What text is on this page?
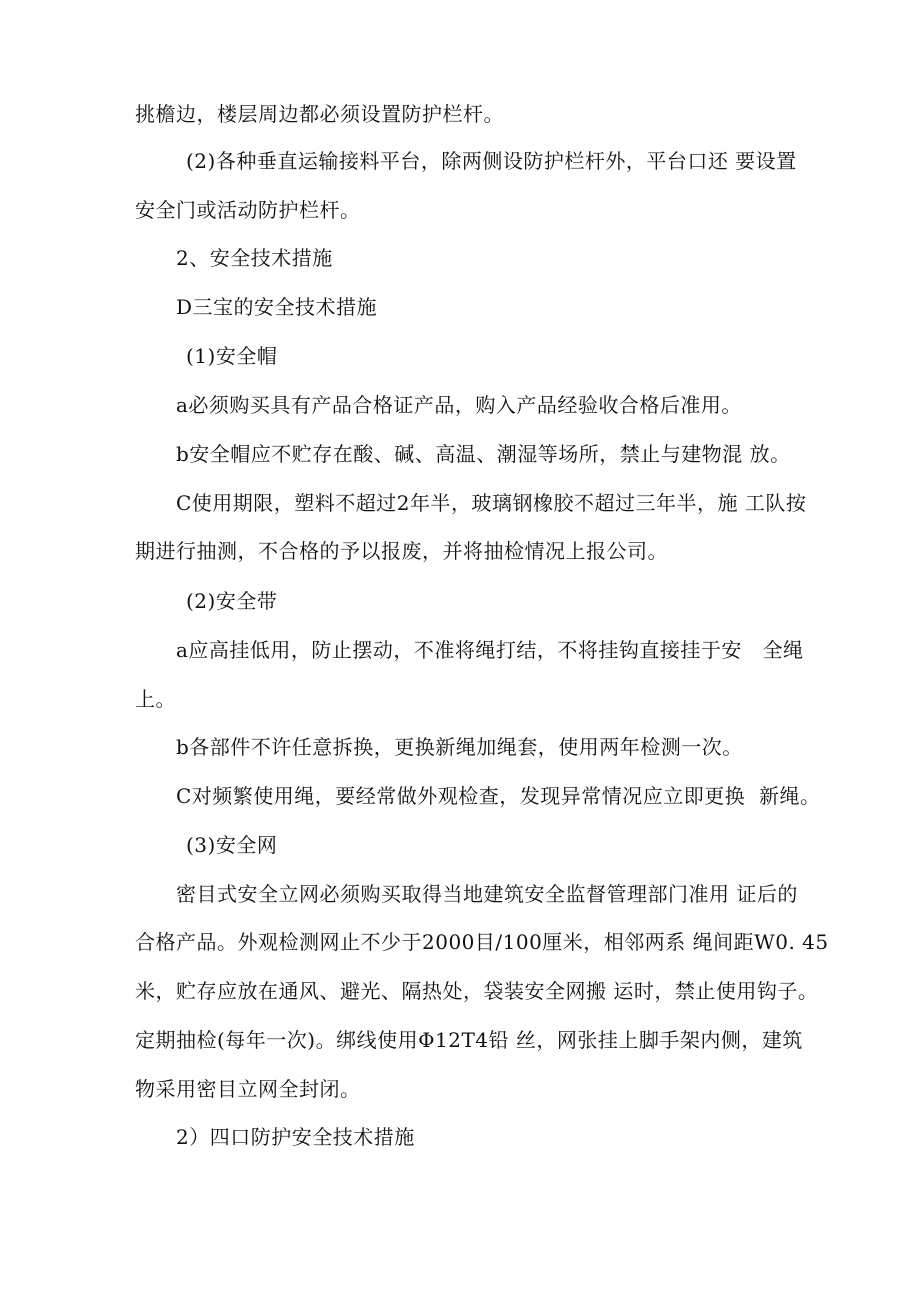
挑檐边，楼层周边都必须设置防护栏杆。
(2)各种垂直运输接料平台，除两侧设防护栏杆外，平台口还 要设置
安全门或活动防护栏杆。
2、安全技术措施
D三宝的安全技术措施
(1)安全帽
a必须购买具有产品合格证产品，购入产品经验收合格后准用。
b安全帽应不贮存在酸、碱、高温、潮湿等场所，禁止与建物混 放。
C使用期限，塑料不超过2年半，玻璃钢橡胶不超过三年半，施 工队按
期进行抽测，不合格的予以报废，并将抽检情况上报公司。
(2)安全带
a应高挂低用，防止摆动，不准将绳打结，不将挂钩直接挂于安   全绳
上。
b各部件不许任意拆换，更换新绳加绳套，使用两年检测一次。
C对频繁使用绳，要经常做外观检查，发现异常情况应立即更换  新绳。
(3)安全网
密目式安全立网必须购买取得当地建筑安全监督管理部门准用 证后的
合格产品。外观检测网止不少于2000目/100厘米，相邻两系 绳间距W0. 45
米，贮存应放在通风、避光、隔热处，袋装安全网搬 运时，禁止使用钩子。
定期抽检(每年一次)。绑线使用Φ12T4铅 丝，网张挂上脚手架内侧，建筑
物采用密目立网全封闭。
2）四口防护安全技术措施
